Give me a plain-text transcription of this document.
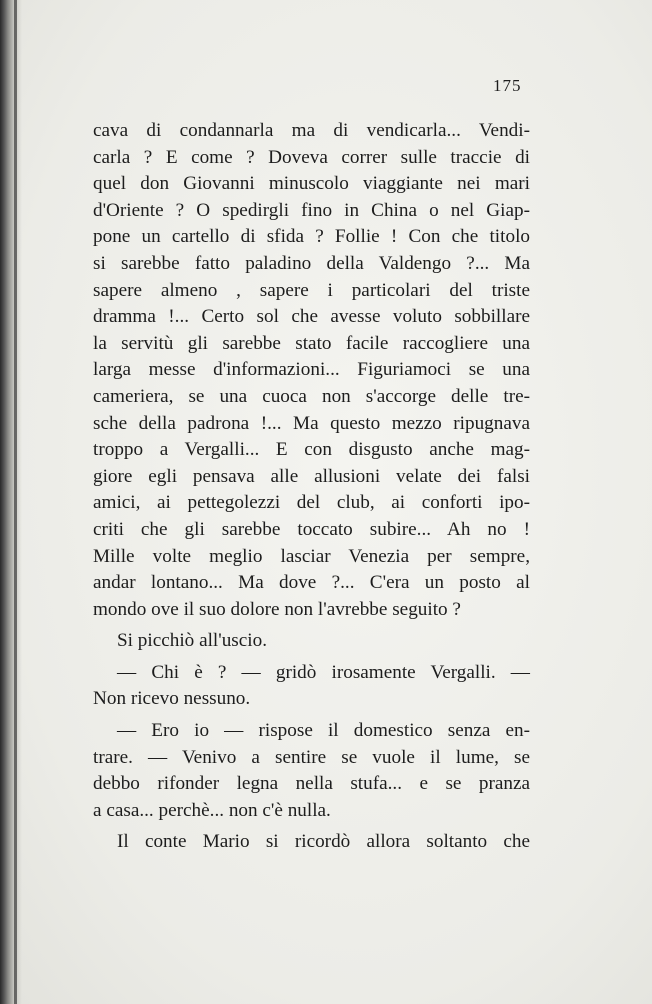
175
cava di condannarla ma di vendicarla... Vendi-
carla ? E come ? Doveva correr sulle traccie di
quel don Giovanni minuscolo viaggiante nei mari
d'Oriente ? O spedirgli fino in China o nel Giap-
pone un cartello di sfida ? Follie ! Con che titolo
si sarebbe fatto paladino della Valdengo ?... Ma
sapere almeno , sapere i particolari del triste
dramma !... Certo sol che avesse voluto sobbillare
la servitù gli sarebbe stato facile raccogliere una
larga messe d'informazioni... Figuriamoci se una
cameriera, se una cuoca non s'accorge delle tre-
sche della padrona !... Ma questo mezzo ripugnava
troppo a Vergalli... E con disgusto anche mag-
giore egli pensava alle allusioni velate dei falsi
amici, ai pettegolezzi del club, ai conforti ipo-
criti che gli sarebbe toccato subire... Ah no !
Mille volte meglio lasciar Venezia per sempre,
andar lontano... Ma dove ?... C'era un posto al
mondo ove il suo dolore non l'avrebbe seguito ?
Si picchiò all'uscio.
— Chi è ? — gridò irosamente Vergalli. —
Non ricevo nessuno.
— Ero io — rispose il domestico senza en-
trare. — Venivo a sentire se vuole il lume, se
debbo rifonder legna nella stufa... e se pranza
a casa... perchè... non c'è nulla.
Il conte Mario si ricordò allora soltanto che
